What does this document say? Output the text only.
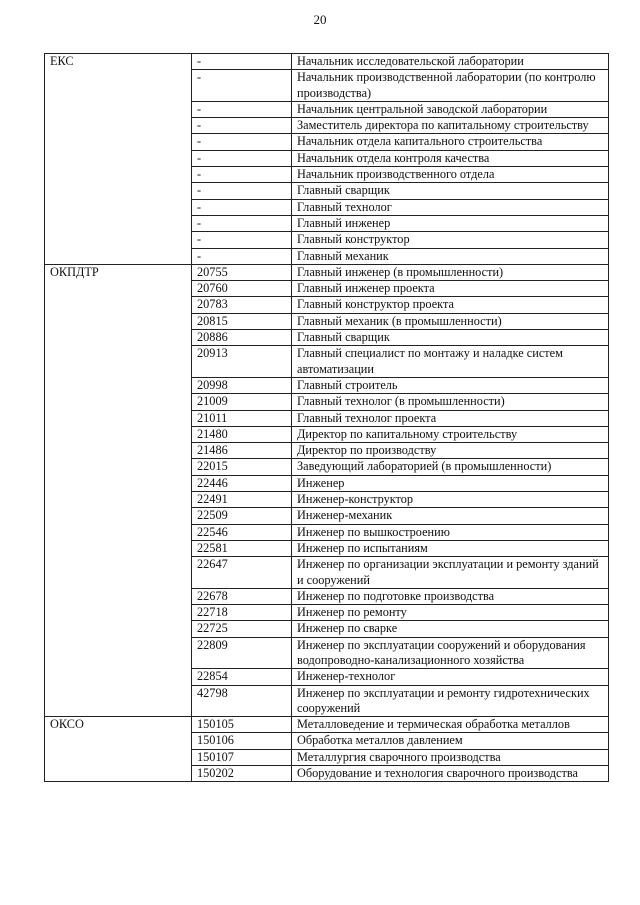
20
ЕКС	-	Начальник исследовательской лаборатории
	-	Начальник производственной лаборатории (по контролю производства)
	-	Начальник центральной заводской лаборатории
	-	Заместитель директора по капитальному строительству
	-	Начальник отдела капитального строительства
	-	Начальник отдела контроля качества
	-	Начальник производственного отдела
	-	Главный сварщик
	-	Главный технолог
	-	Главный инженер
	-	Главный конструктор
	-	Главный механик
ОКПДТР	20755	Главный инженер (в промышленности)
	20760	Главный инженер проекта
	20783	Главный конструктор проекта
	20815	Главный механик (в промышленности)
	20886	Главный сварщик
	20913	Главный специалист по монтажу и наладке систем автоматизации
	20998	Главный строитель
	21009	Главный технолог (в промышленности)
	21011	Главный технолог проекта
	21480	Директор по капитальному строительству
	21486	Директор по производству
	22015	Заведующий лабораторией (в промышленности)
	22446	Инженер
	22491	Инженер-конструктор
	22509	Инженер-механик
	22546	Инженер по вышкостроению
	22581	Инженер по испытаниям
	22647	Инженер по организации эксплуатации и ремонту зданий и сооружений
	22678	Инженер по подготовке производства
	22718	Инженер по ремонту
	22725	Инженер по сварке
	22809	Инженер по эксплуатации сооружений и оборудования водопроводно-канализационного хозяйства
	22854	Инженер-технолог
	42798	Инженер по эксплуатации и ремонту гидротехнических сооружений
ОКСО	150105	Металловедение и термическая обработка металлов
	150106	Обработка металлов давлением
	150107	Металлургия сварочного производства
	150202	Оборудование и технология сварочного производства
